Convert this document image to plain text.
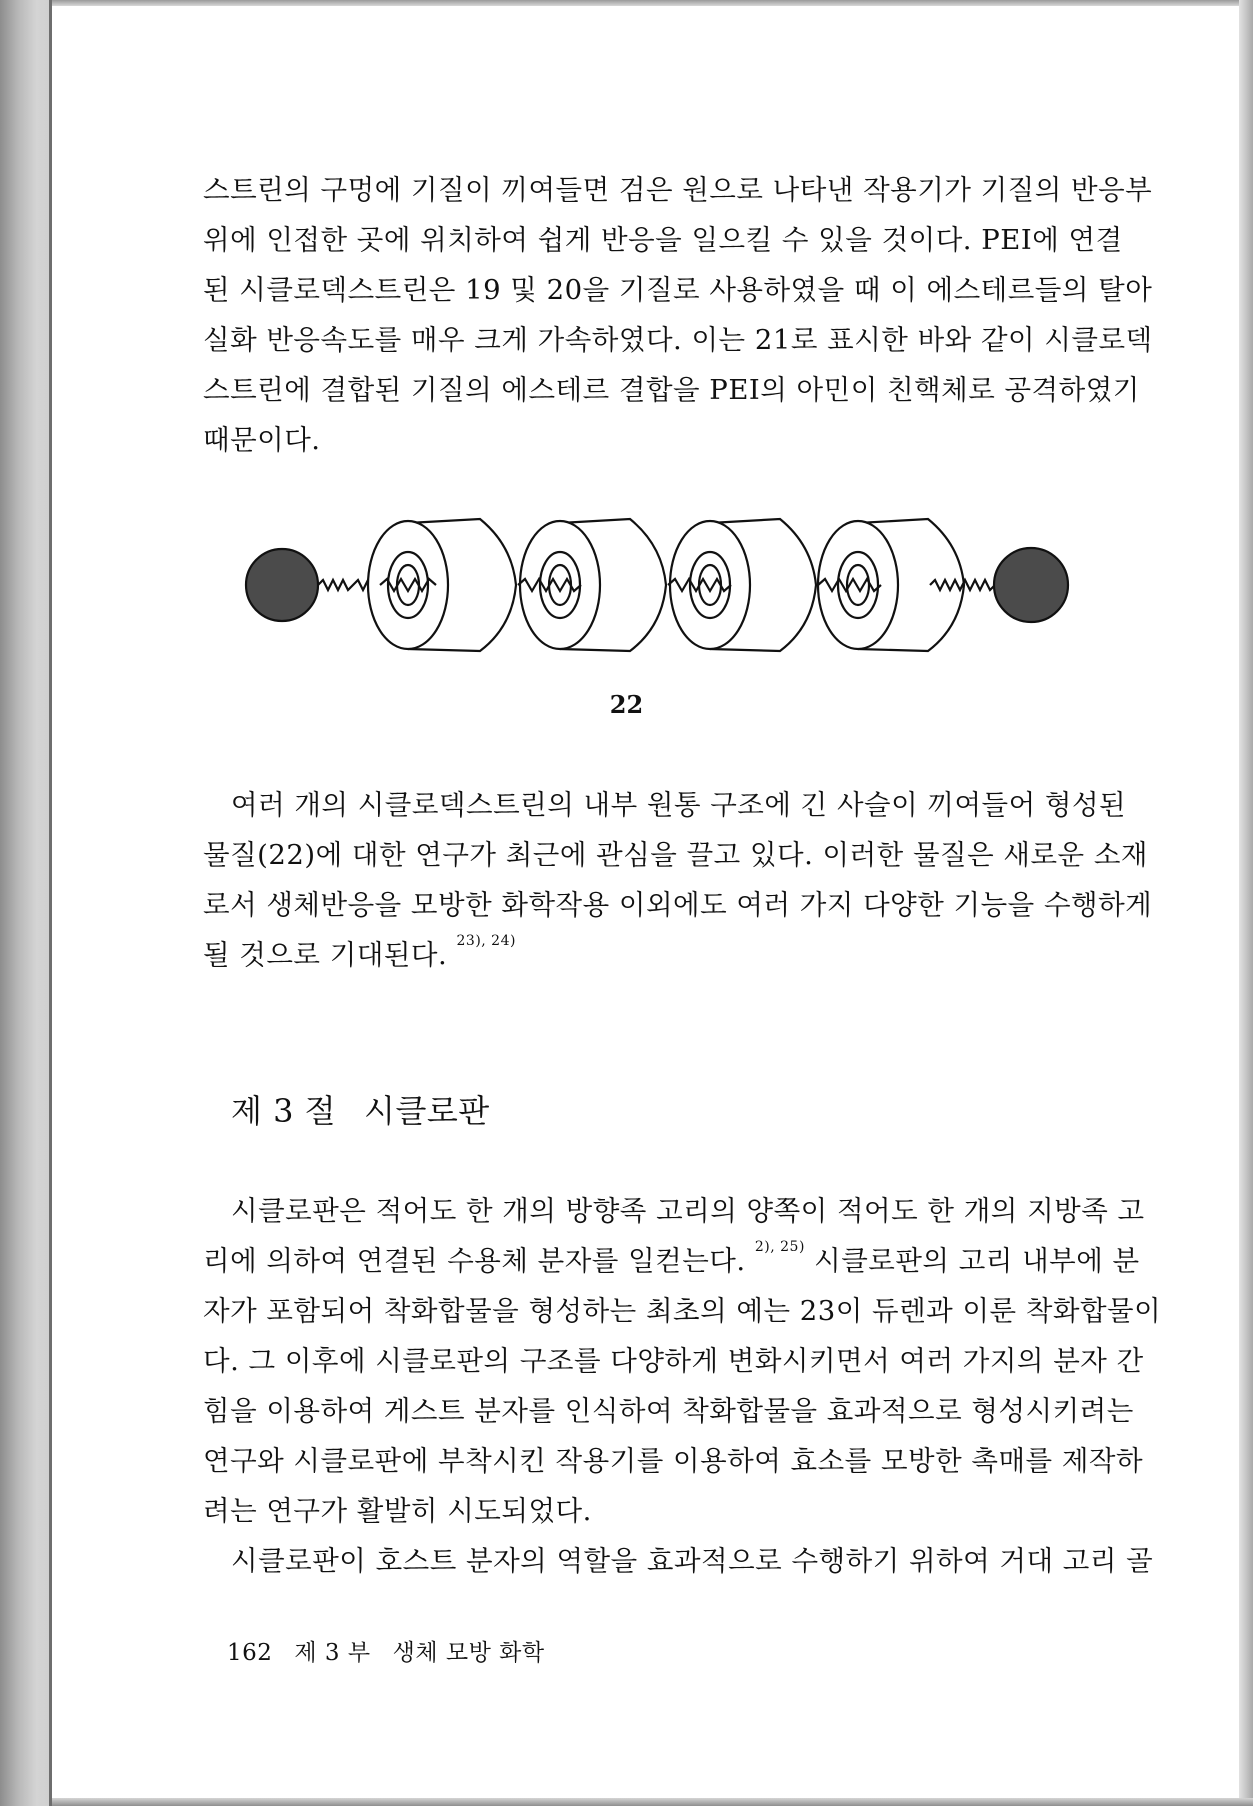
스트린의 구멍에 기질이 끼여들면 검은 원으로 나타낸 작용기가 기질의 반응부
위에 인접한 곳에 위치하여 쉽게 반응을 일으킬 수 있을 것이다. PEI에 연결
된 시클로덱스트린은 19 및 20을 기질로 사용하였을 때 이 에스테르들의 탈아
실화 반응속도를 매우 크게 가속하였다. 이는 21로 표시한 바와 같이 시클로덱
스트린에 결합된 기질의 에스테르 결합을 PEI의 아민이 친핵체로 공격하였기
때문이다.
22
여러 개의 시클로덱스트린의 내부 원통 구조에 긴 사슬이 끼여들어 형성된
물질(22)에 대한 연구가 최근에 관심을 끌고 있다. 이러한 물질은 새로운 소재
로서 생체반응을 모방한 화학작용 이외에도 여러 가지 다양한 기능을 수행하게
될 것으로 기대된다. $^{23), 24)}$
제 3 절 시클로판
시클로판은 적어도 한 개의 방향족 고리의 양쪽이 적어도 한 개의 지방족 고
리에 의하여 연결된 수용체 분자를 일컫는다. $^{2), 25)}$ 시클로판의 고리 내부에 분
자가 포함되어 착화합물을 형성하는 최초의 예는 23이 듀렌과 이룬 착화합물이
다. 그 이후에 시클로판의 구조를 다양하게 변화시키면서 여러 가지의 분자 간
힘을 이용하여 게스트 분자를 인식하여 착화합물을 효과적으로 형성시키려는
연구와 시클로판에 부착시킨 작용기를 이용하여 효소를 모방한 촉매를 제작하
려는 연구가 활발히 시도되었다.
시클로판이 호스트 분자의 역할을 효과적으로 수행하기 위하여 거대 고리 골
162 제 3 부 생체 모방 화학
